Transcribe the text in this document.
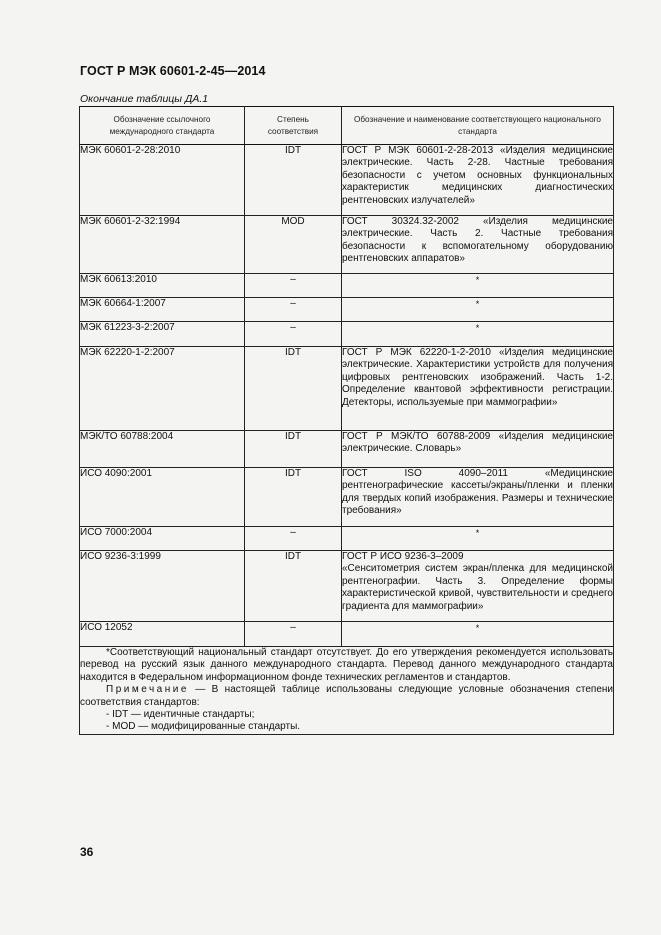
ГОСТ Р МЭК 60601-2-45—2014
Окончание таблицы ДА.1
Обозначение ссылочного международного стандарта	Степень соответствия	Обозначение и наименование соответствующего национального стандарта
МЭК 60601-2-28:2010	IDT	ГОСТ Р МЭК 60601-2-28-2013 «Изделия медицинские электрические. Часть 2-28. Частные требования безопасности с учетом основных функциональных характеристик медицинских диагностических рентгеновских излучателей»
МЭК 60601-2-32:1994	MOD	ГОСТ 30324.32-2002 «Изделия медицинские электрические. Часть 2. Частные требования безопасности к вспомогательному оборудованию рентгеновских аппаратов»
МЭК 60613:2010	–	*
МЭК 60664-1:2007	–	*
МЭК 61223-3-2:2007	–	*
МЭК 62220-1-2:2007	IDT	ГОСТ Р МЭК 62220-1-2-2010 «Изделия медицинские электрические. Характеристики устройств для получения цифровых рентгеновских изображений. Часть 1-2. Определение квантовой эффективности регистрации. Детекторы, используемые при маммографии»
МЭК/ТО 60788:2004	IDT	ГОСТ Р МЭК/ТО 60788-2009 «Изделия медицинские электрические. Словарь»
ИСО 4090:2001	IDT	ГОСТ ISO 4090–2011 «Медицинские рентгенографические кассеты/экраны/пленки и пленки для твердых копий изображения. Размеры и технические требования»
ИСО 7000:2004	–	*
ИСО 9236-3:1999	IDT	ГОСТ Р ИСО 9236-3–2009
«Сенситометрия систем экран/пленка для медицинской рентгенографии. Часть 3. Определение формы характеристической кривой, чувствительности и среднего градиента для маммографии»

ИСО 12052	–	*

*Соответствующий национальный стандарт отсутствует. До его утверждения рекомендуется использовать перевод на русский язык данного международного стандарта. Перевод данного международного стандарта находится в Федеральном информационном фонде технических регламентов и стандартов.

Примечание — В настоящей таблице использованы следующие условные обозначения степени соответствия стандартов:

- IDT — идентичные стандарты;

- MOD — модифицированные стандарты.		

36
